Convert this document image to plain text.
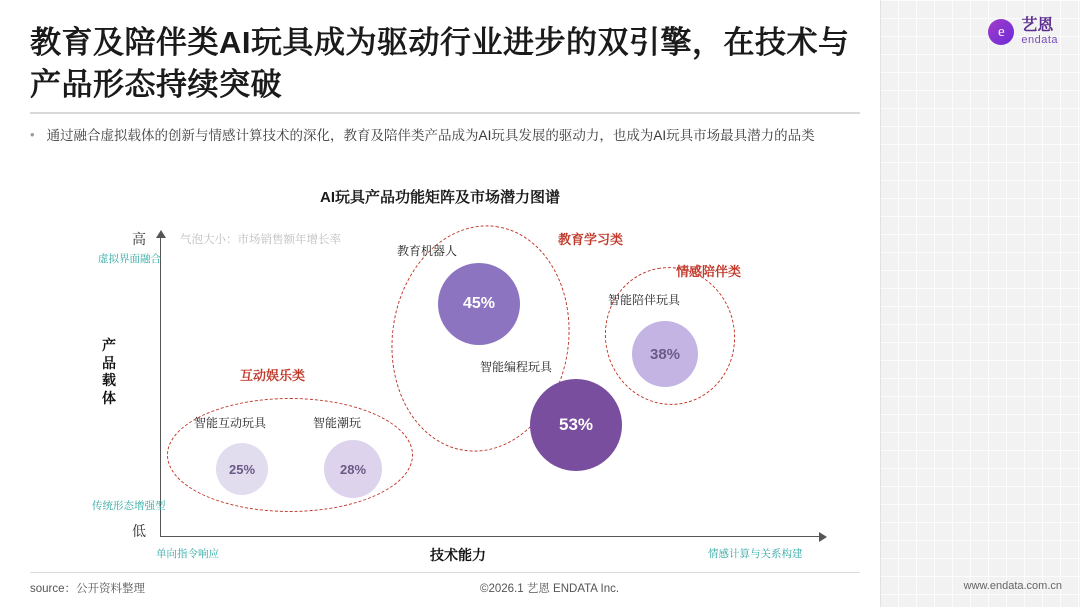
e	艺恩
endata
教育及陪伴类AI玩具成为驱动行业进步的双引擎，在技术与产品形态持续突破
• 通过融合虚拟载体的创新与情感计算技术的深化，教育及陪伴类产品成为AI玩具发展的驱动力，也成为AI玩具市场最具潜力的品类
AI玩具产品功能矩阵及市场潜力图谱
气泡大小：市场销售额年增长率
高
低
虚拟界面融合
传统形态增强型
产品载体
技术能力
单向指令响应	情感计算与关系构建
教育学习类
情感陪伴类
互动娱乐类
教育机器人
45%
智能编程玩具
53%
智能陪伴玩具
38%
智能互动玩具
25%
智能潮玩
28%
source：公开资料整理	©2026.1 艺恩 ENDATA Inc.	www.endata.com.cn
